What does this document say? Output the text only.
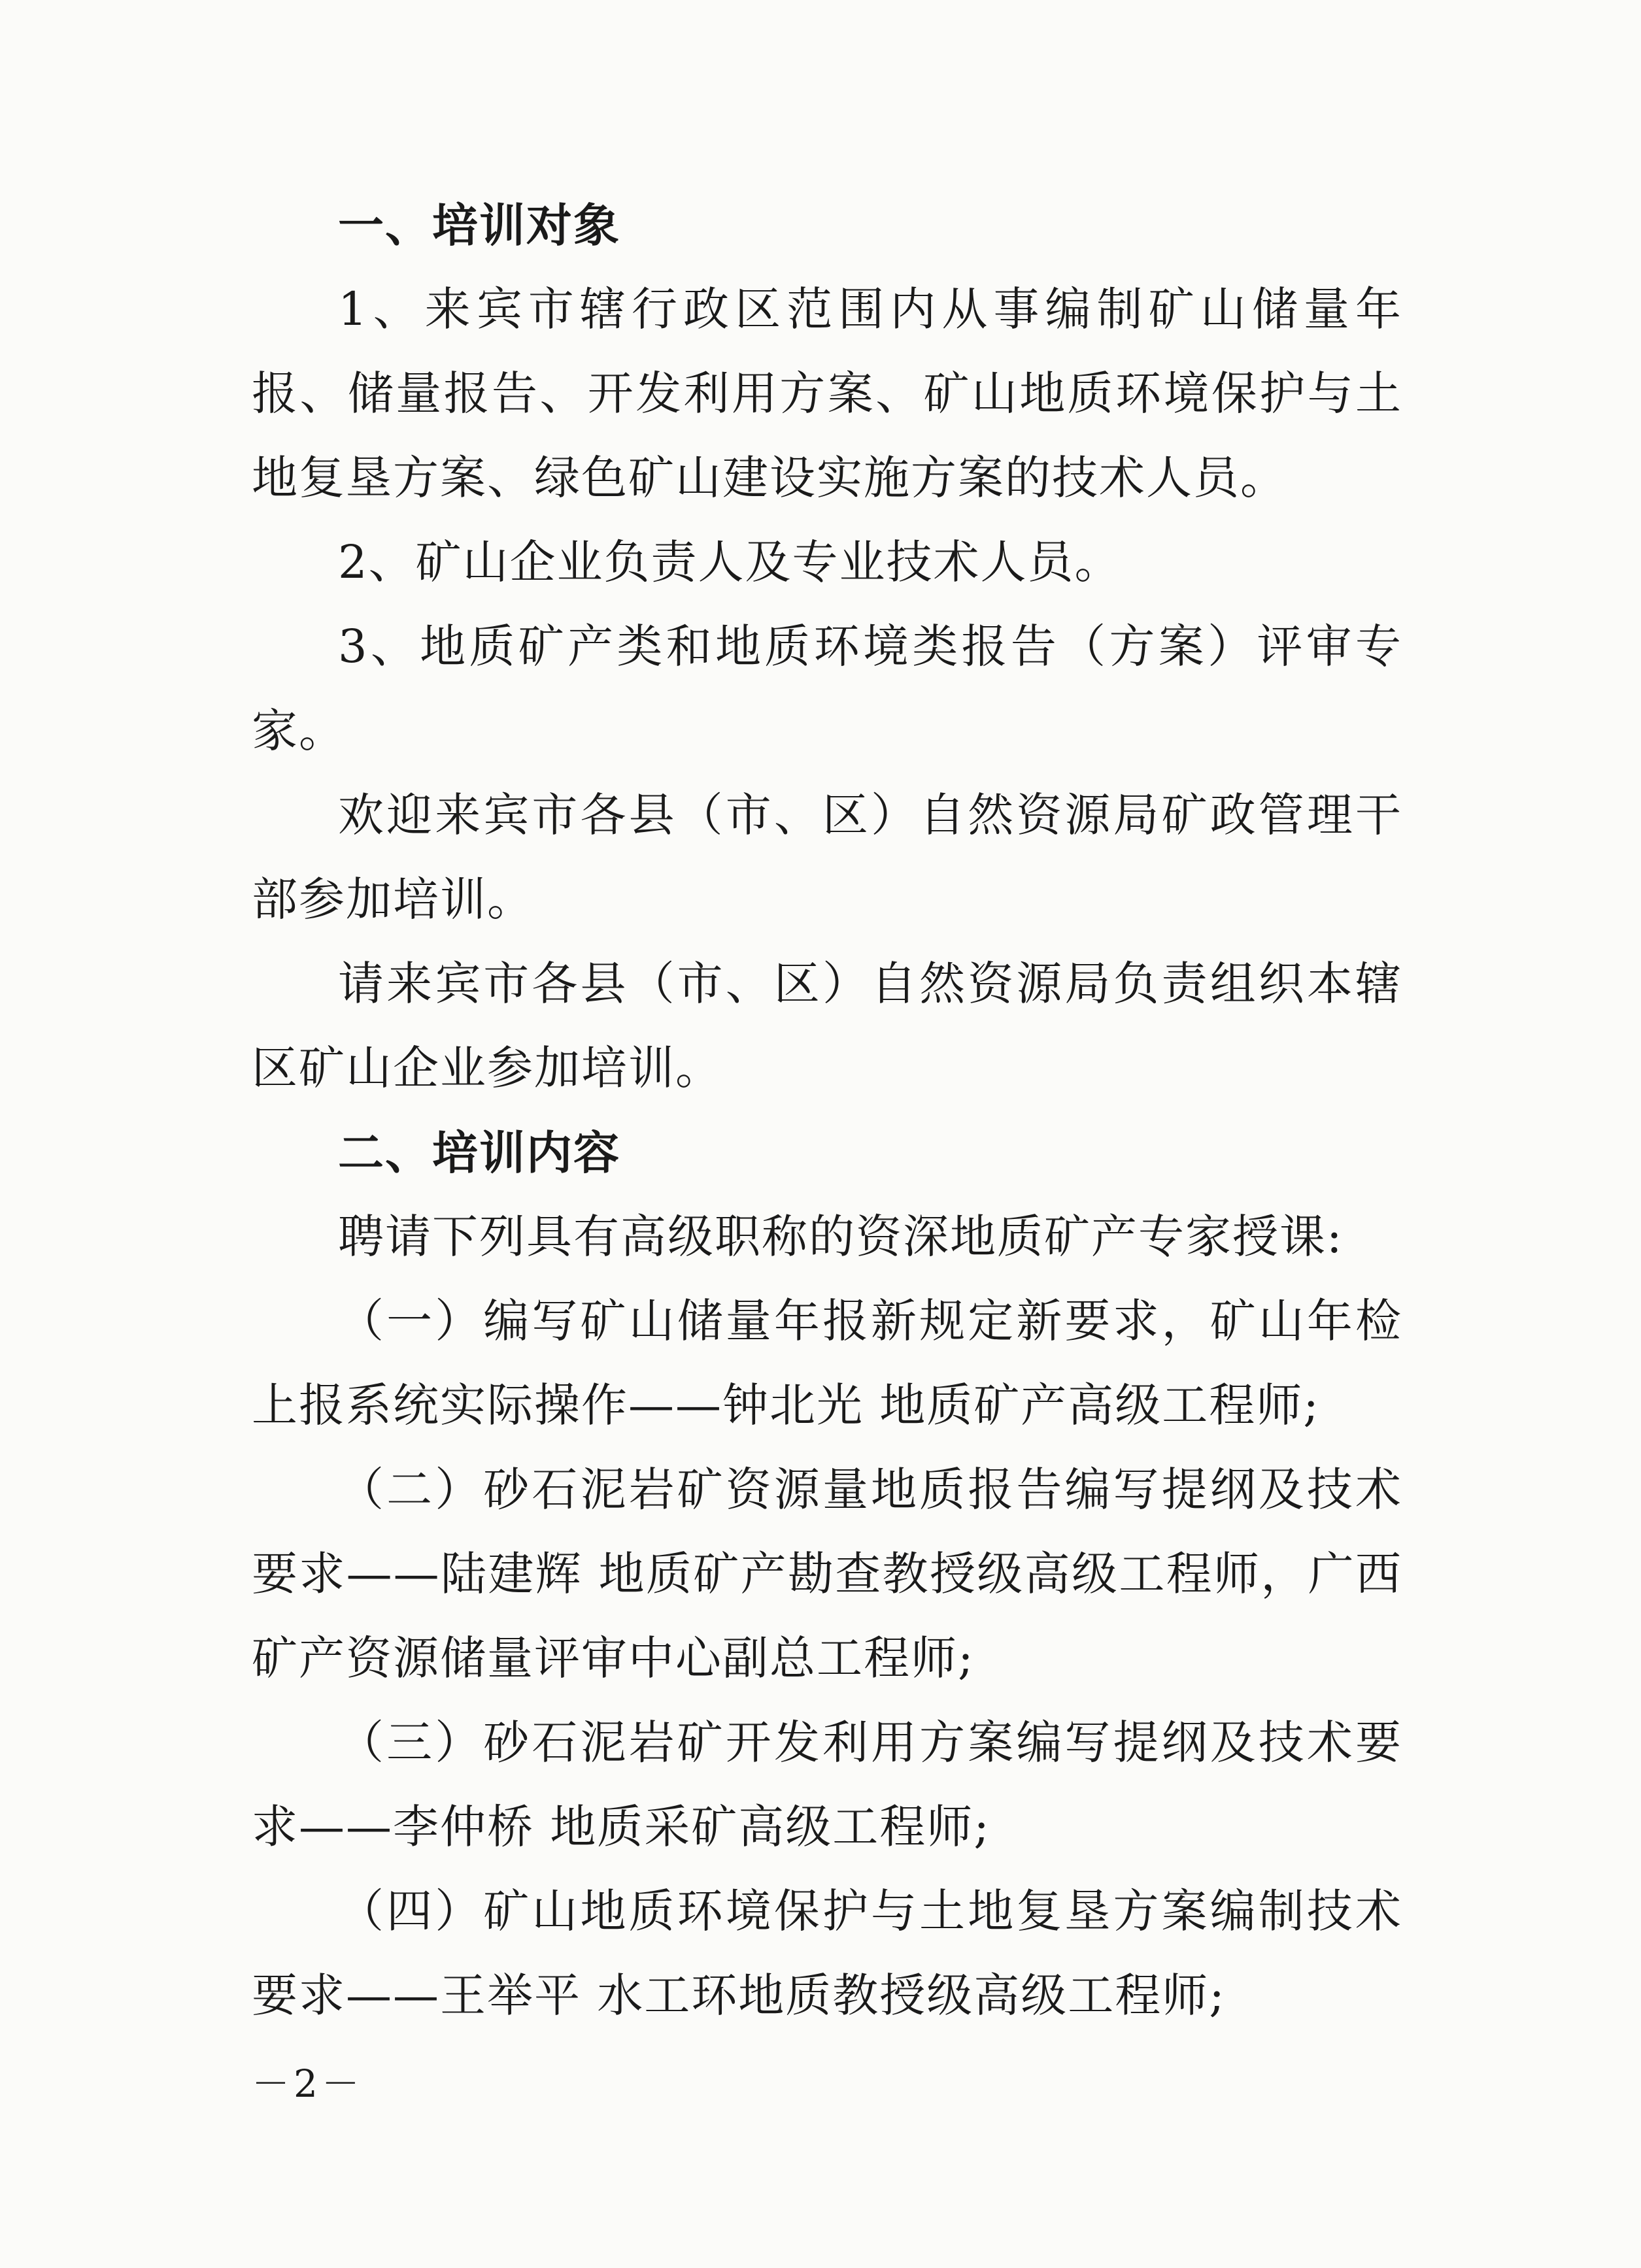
一、培训对象

1、来宾市辖行政区范围内从事编制矿山储量年报、储量报告、开发利用方案、矿山地质环境保护与土地复垦方案、绿色矿山建设实施方案的技术人员。

2、矿山企业负责人及专业技术人员。

3、地质矿产类和地质环境类报告（方案）评审专家。

欢迎来宾市各县（市、区）自然资源局矿政管理干部参加培训。

请来宾市各县（市、区）自然资源局负责组织本辖区矿山企业参加培训。

二、培训内容

聘请下列具有高级职称的资深地质矿产专家授课:

（一）编写矿山储量年报新规定新要求，矿山年检上报系统实际操作——钟北光 地质矿产高级工程师;

（二）砂石泥岩矿资源量地质报告编写提纲及技术要求——陆建辉 地质矿产勘查教授级高级工程师，广西矿产资源储量评审中心副总工程师;

（三）砂石泥岩矿开发利用方案编写提纲及技术要求——李仲桥 地质采矿高级工程师;

（四）矿山地质环境保护与土地复垦方案编制技术要求——王举平 水工环地质教授级高级工程师;

－2－
